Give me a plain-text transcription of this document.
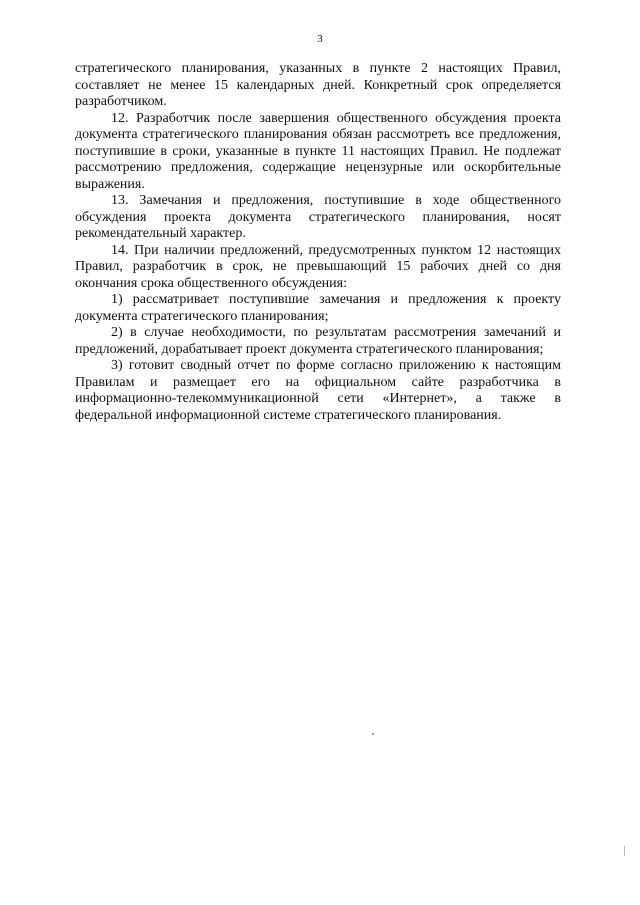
3

стратегического планирования, указанных в пункте 2 настоящих Правил, составляет не менее 15 календарных дней. Конкретный срок определяется разработчиком.

12. Разработчик после завершения общественного обсуждения проекта документа стратегического планирования обязан рассмотреть все предложения, поступившие в сроки, указанные в пункте 11 настоящих Правил. Не подлежат рассмотрению предложения, содержащие нецензурные или оскорбительные выражения.

13. Замечания и предложения, поступившие в ходе общественного обсуждения проекта документа стратегического планирования, носят рекомендательный характер.

14. При наличии предложений, предусмотренных пунктом 12 настоящих Правил, разработчик в срок, не превышающий 15 рабочих дней со дня окончания срока общественного обсуждения:

1) рассматривает поступившие замечания и предложения к проекту документа стратегического планирования;

2) в случае необходимости, по результатам рассмотрения замечаний и предложений, дорабатывает проект документа стратегического планирования;

3) готовит сводный отчет по форме согласно приложению к настоящим Правилам и размещает его на официальном сайте разработчика в информационно-телекоммуникационной сети «Интернет», а также в федеральной информационной системе стратегического планирования.
